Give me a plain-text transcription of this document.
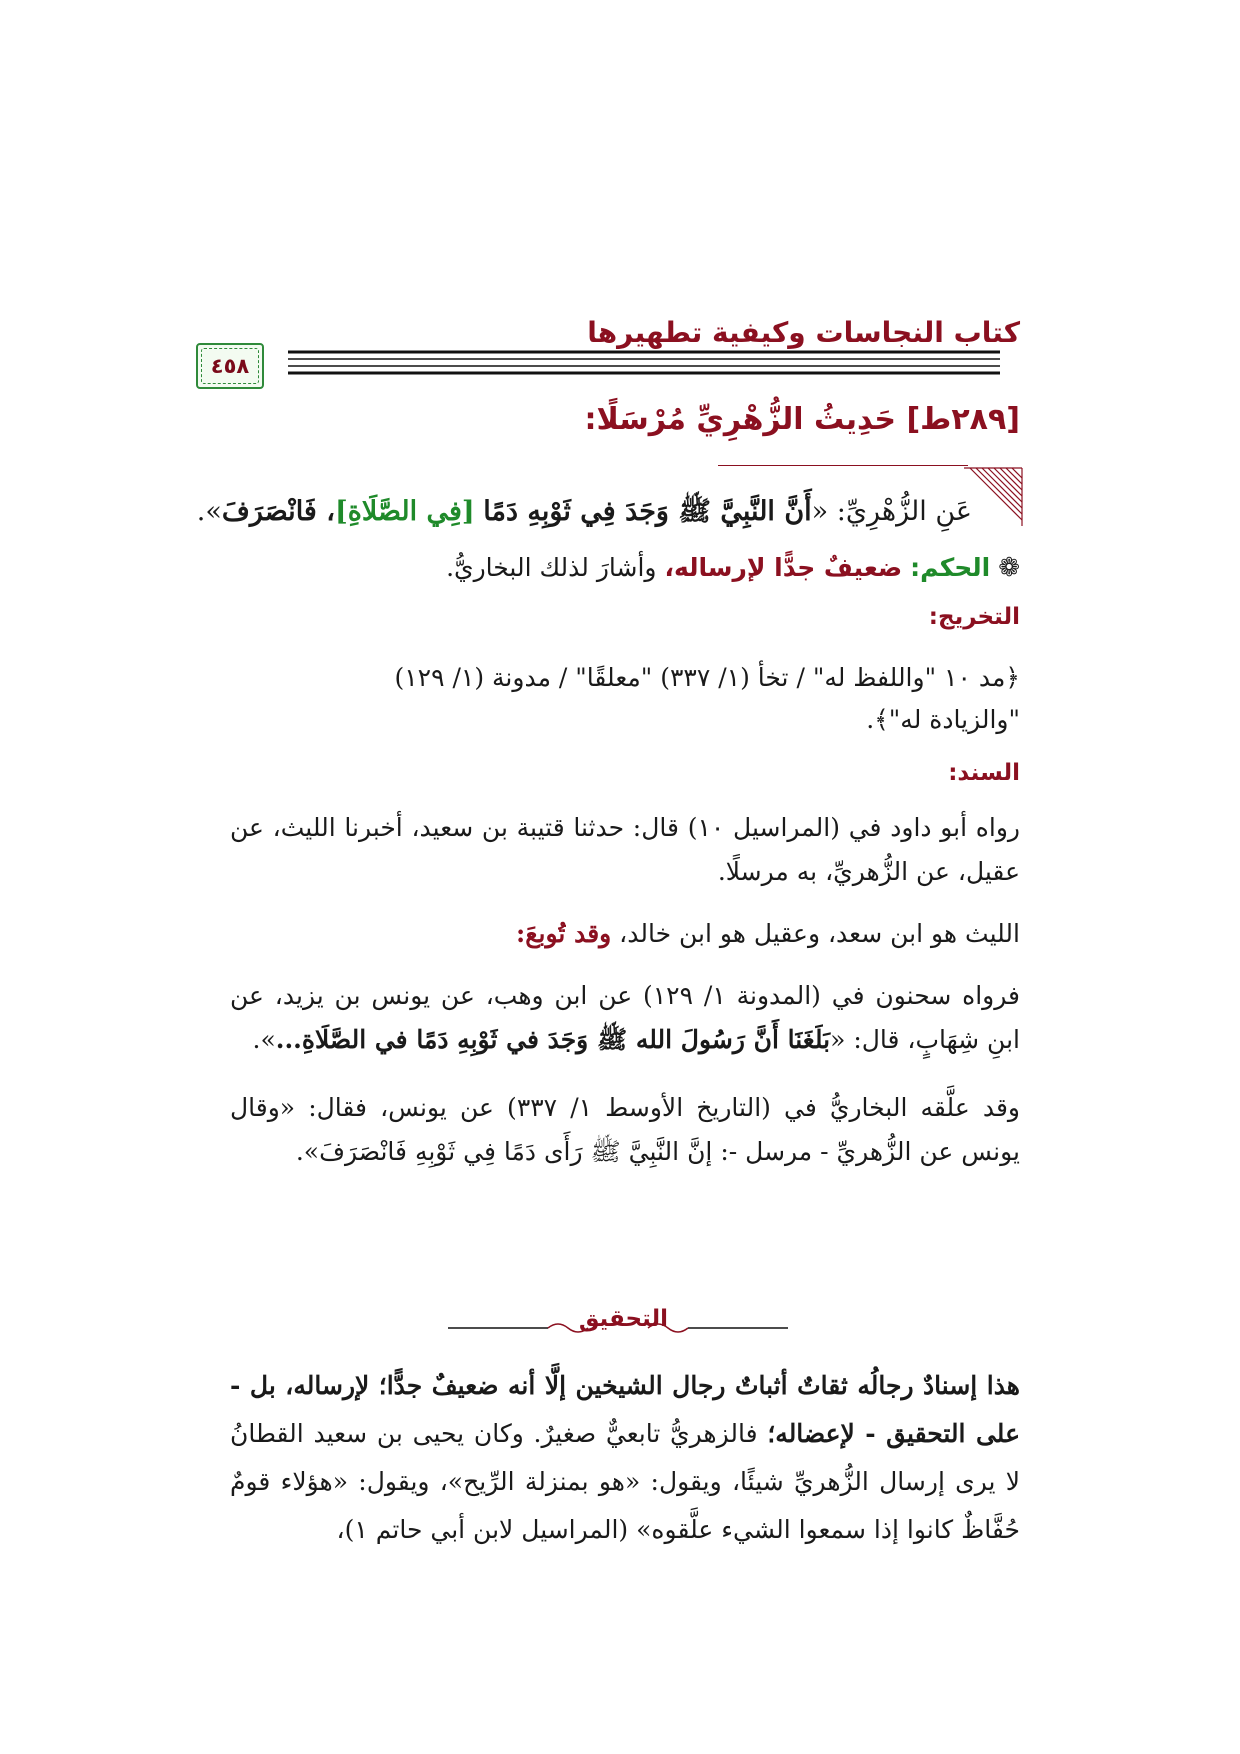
كتاب النجاسات وكيفية تطهيرها
٤٥٨
[٢٨٩ط] حَدِيثُ الزُّهْرِيِّ مُرْسَلًا:
عَنِ الزُّهْرِيِّ: «أَنَّ النَّبِيَّ ﷺ وَجَدَ فِي ثَوْبِهِ دَمًا [فِي الصَّلَاةِ]، فَانْصَرَفَ».
❁ الحكم: ضعيفٌ جدًّا لإرساله، وأشارَ لذلك البخاريُّ.
التخريج:
﴿مد ١٠ "واللفظ له" / تخأ (١/ ٣٣٧) "معلقًا" / مدونة (١/ ١٢٩)
"والزيادة له"﴾.
السند:
رواه أبو داود في (المراسيل ١٠) قال: حدثنا قتيبة بن سعيد، أخبرنا الليث، عن عقيل، عن الزُّهريِّ، به مرسلًا.
الليث هو ابن سعد، وعقيل هو ابن خالد، وقد تُوبعَ:
فرواه سحنون في (المدونة ١/ ١٢٩) عن ابن وهب، عن يونس بن يزيد، عن ابنِ شِهَابٍ، قال: «بَلَغَنَا أَنَّ رَسُولَ الله ﷺ وَجَدَ في ثَوْبِهِ دَمًا في الصَّلَاةِ...».
وقد علَّقه البخاريُّ في (التاريخ الأوسط ١/ ٣٣٧) عن يونس، فقال: «وقال يونس عن الزُّهريِّ - مرسل -: إنَّ النَّبِيَّ ﷺ رَأَى دَمًا فِي ثَوْبِهِ فَانْصَرَفَ».
التحقيق
هذا إسنادٌ رجالُه ثقاتٌ أثباتٌ رجال الشيخين إلَّا أنه ضعيفٌ جدًّا؛ لإرساله، بل - على التحقيق - لإعضاله؛ فالزهريُّ تابعيٌّ صغيرٌ. وكان يحيى بن سعيد القطانُ لا يرى إرسال الزُّهريِّ شيئًا، ويقول: «هو بمنزلة الرِّيح»، ويقول: «هؤلاء قومٌ حُفَّاظٌ كانوا إذا سمعوا الشيء علَّقوه» (المراسيل لابن أبي حاتم ١)،
